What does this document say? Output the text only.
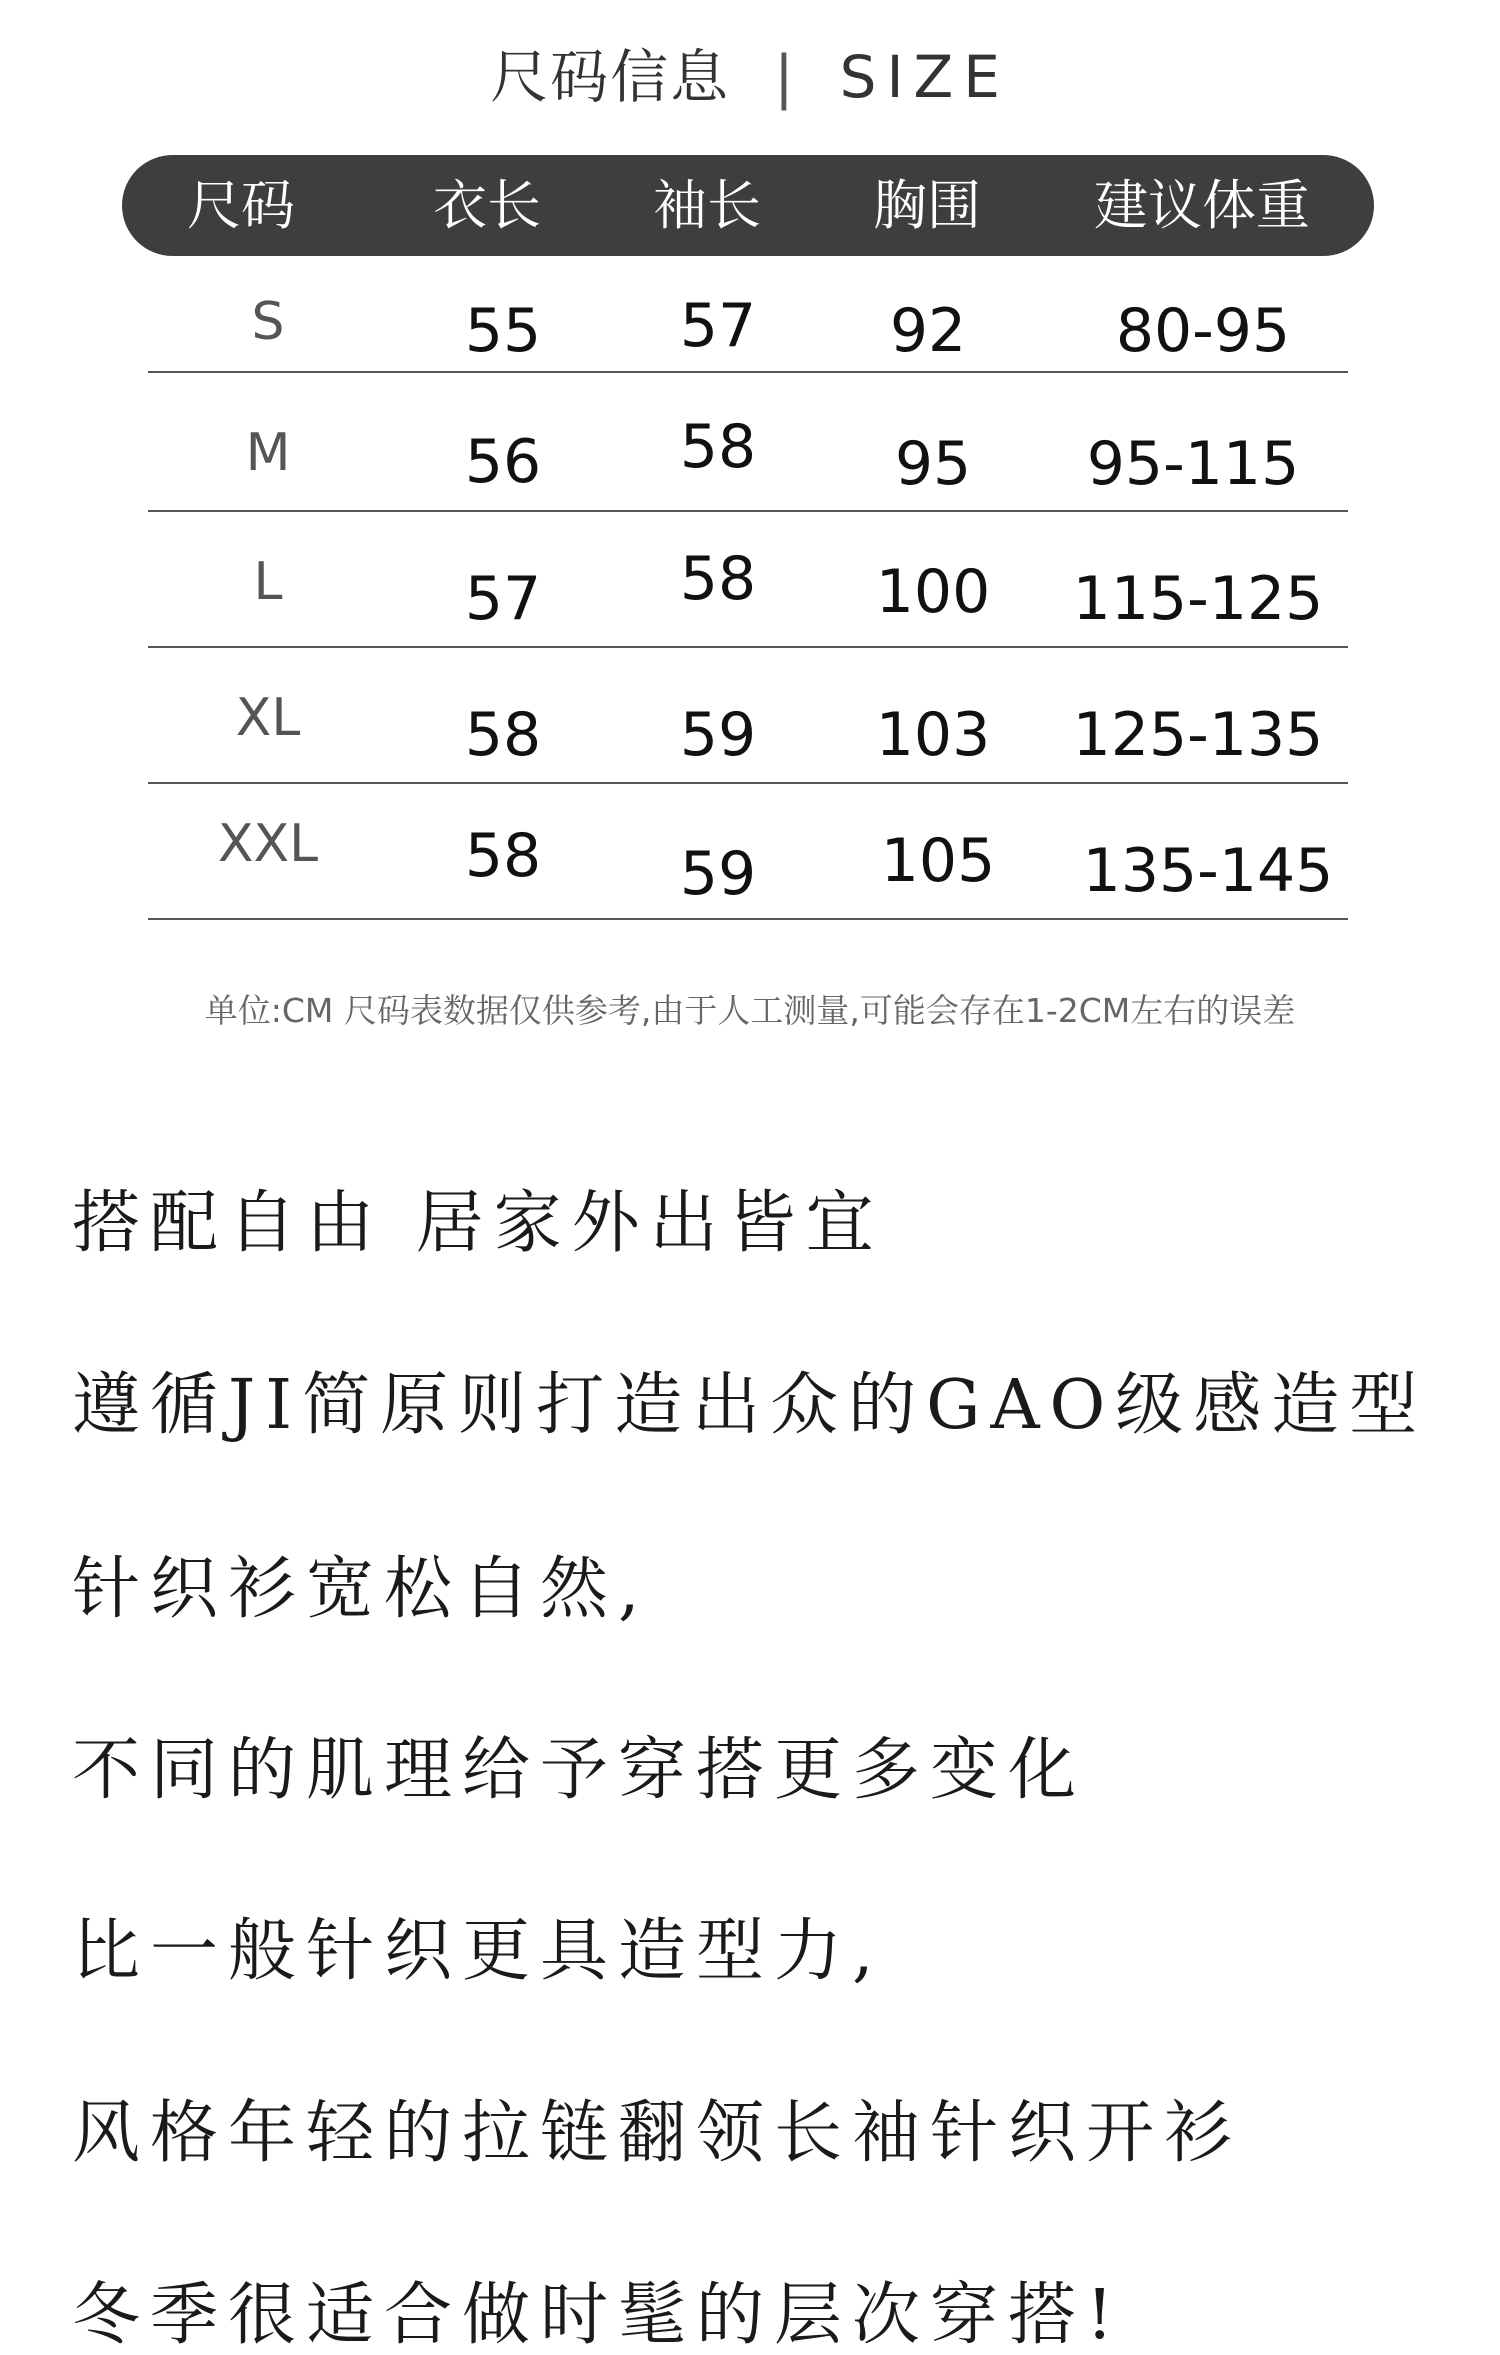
尺码信息 | SIZE
尺码	衣长	袖长	胸围	建议体重
S	55	57	92	80-95
M	56	58	95	95-115
L	57	58	100	115-125
XL	58	59	103	125-135
XXL	58	59	105	135-145
单位:CM 尺码表数据仅供参考,由于人工测量,可能会存在1-2CM左右的误差
搭配自由 居家外出皆宜
遵循JI简原则打造出众的GAO级感造型
针织衫宽松自然,
不同的肌理给予穿搭更多变化
比一般针织更具造型力,
风格年轻的拉链翻领长袖针织开衫
冬季很适合做时髦的层次穿搭!
